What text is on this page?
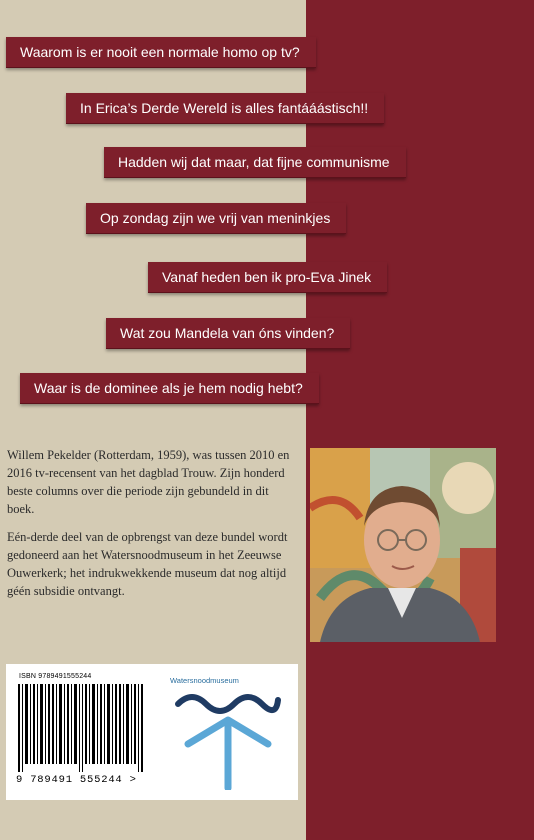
Waarom is er nooit een normale homo op tv?
In Erica’s Derde Wereld is alles fantááástisch!!
Hadden wij dat maar, dat fijne communisme
Op zondag zijn we vrij van meninkjes
Vanaf heden ben ik pro-Eva Jinek
Wat zou Mandela van óns vinden?
Waar is de dominee als je hem nodig hebt?

Willem Pekelder (Rotterdam, 1959), was tussen 2010 en 2016 tv-recensent van het dagblad Trouw. Zijn honderd beste columns over die periode zijn gebundeld in dit boek.

Eén-derde deel van de opbrengst van deze bundel wordt gedoneerd aan het Watersnoodmuseum in het Zeeuwse Ouwerkerk; het indrukwekkende museum dat nog altijd géén subsidie ontvangt.

ISBN 9789491555244
9 789491 555244 >
Watersnoodmuseum
